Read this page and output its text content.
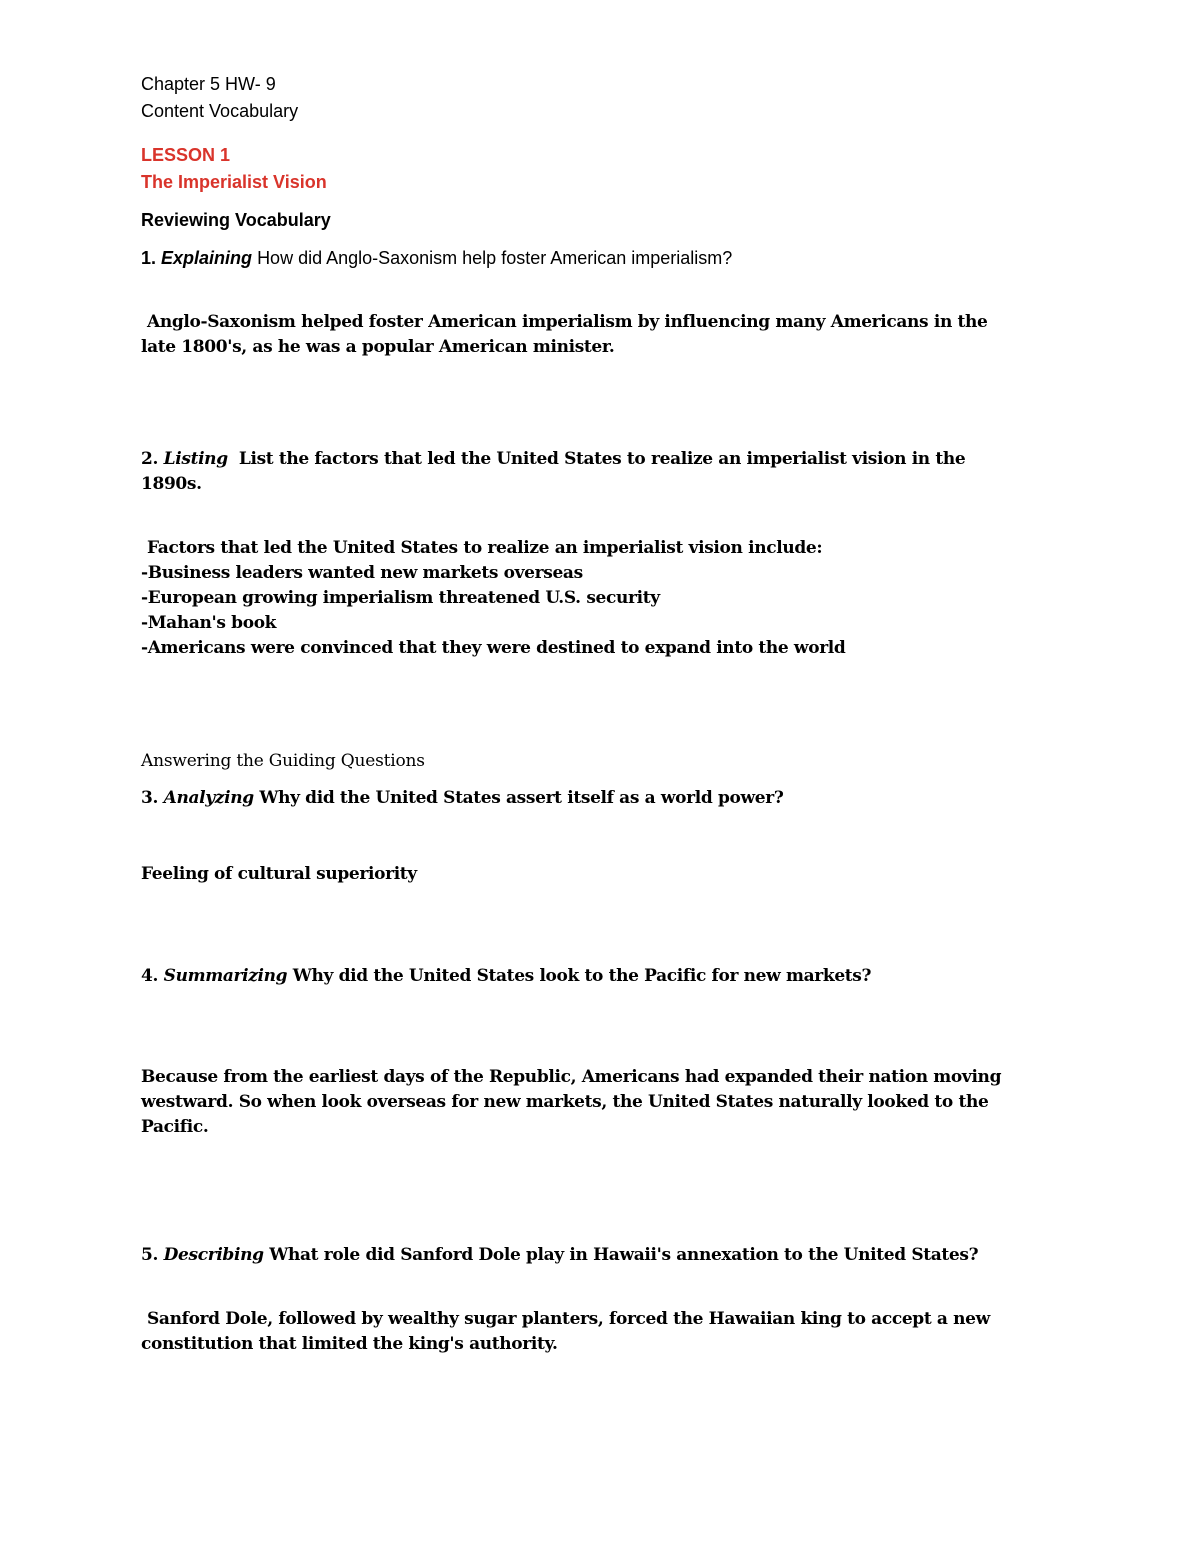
Chapter 5 HW- 9
Content Vocabulary
LESSON 1
The Imperialist Vision
Reviewing Vocabulary
1. Explaining How did Anglo-Saxonism help foster American imperialism?
Anglo-Saxonism helped foster American imperialism by influencing many Americans in the
late 1800's, as he was a popular American minister.
2. Listing List the factors that led the United States to realize an imperialist vision in the
1890s.
Factors that led the United States to realize an imperialist vision include:
-Business leaders wanted new markets overseas
-European growing imperialism threatened U.S. security
-Mahan's book
-Americans were convinced that they were destined to expand into the world
Answering the Guiding Questions
3. Analyzing Why did the United States assert itself as a world power?
Feeling of cultural superiority
4. Summarizing Why did the United States look to the Pacific for new markets?
Because from the earliest days of the Republic, Americans had expanded their nation moving
westward. So when look overseas for new markets, the United States naturally looked to the
Pacific.
5. Describing What role did Sanford Dole play in Hawaii's annexation to the United States?
Sanford Dole, followed by wealthy sugar planters, forced the Hawaiian king to accept a new
constitution that limited the king's authority.
